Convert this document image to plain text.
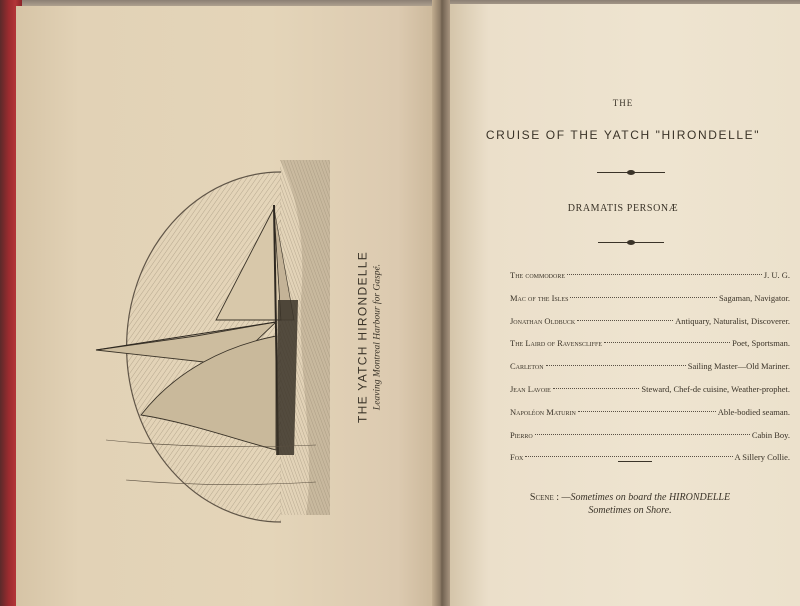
THE YATCH HIRONDELLE Leaving Montreal Harbour for Gaspé.
THE
CRUISE OF THE YATCH "HIRONDELLE"
DRAMATIS PERSONÆ
The commodore	J. U. G.
Mac of the Isles	Sagaman, Navigator.
Jonathan Oldbuck	Antiquary, Naturalist, Discoverer.
The Laird of Ravenscliffe	Poet, Sportsman.
Carleton	Sailing Master—Old Mariner.
Jean Lavoie	Steward, Chef-de cuisine, Weather-prophet.
Napoléon Maturin	Able-bodied seaman.
Pierro	Cabin Boy.
Fox	A Sillery Collie.
Scene : —Sometimes on board the HIRONDELLE
Sometimes on Shore.
